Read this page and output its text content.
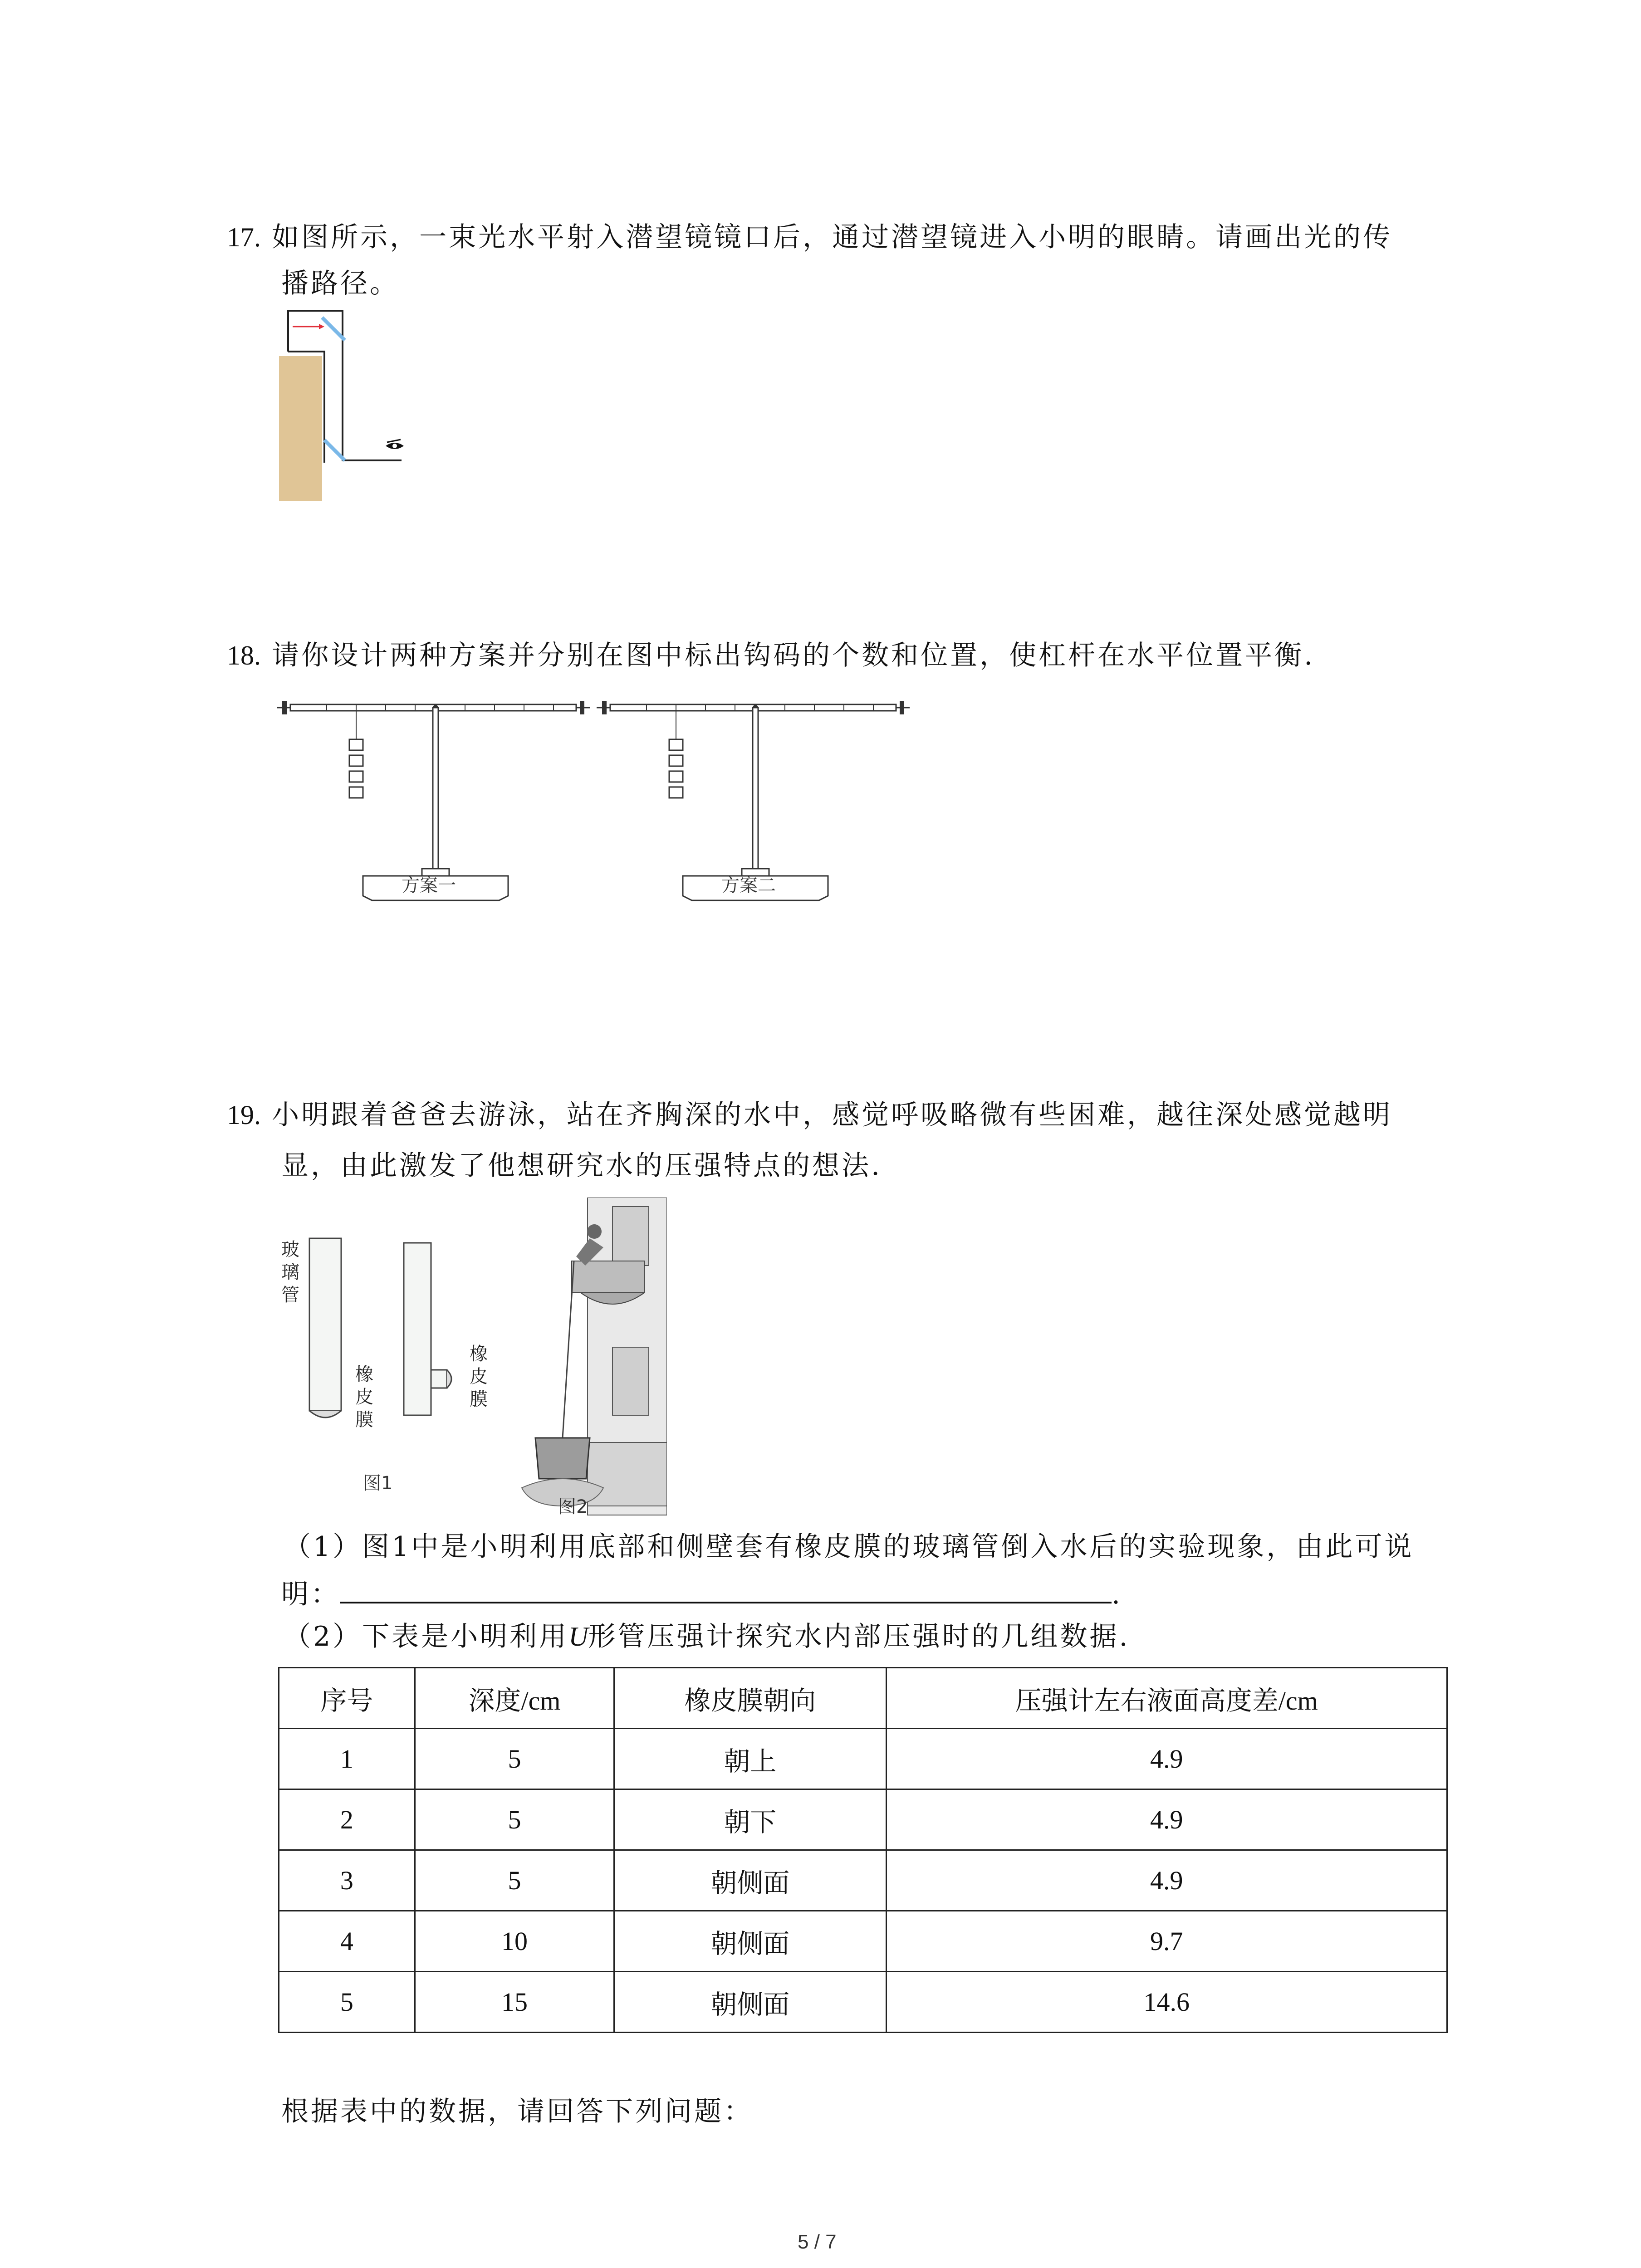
17. 如图所示，一束光水平射入潜望镜镜口后，通过潜望镜进入小明的眼睛。请画出光的传
播路径。
18. 请你设计两种方案并分别在图中标出钩码的个数和位置，使杠杆在水平位置平衡.
方案一	方案二
19. 小明跟着爸爸去游泳，站在齐胸深的水中，感觉呼吸略微有些困难，越往深处感觉越明
显，由此激发了他想研究水的压强特点的想法.
玻
璃
管
橡
皮
膜
橡
皮
膜
图1
图2
（1）图1中是小明利用底部和侧壁套有橡皮膜的玻璃管倒入水后的实验现象，由此可说
明：	.
（2）下表是小明利用U形管压强计探究水内部压强时的几组数据.
序号	深度/cm	橡皮膜朝向	压强计左右液面高度差/cm
1	5	朝上	4.9
2	5	朝下	4.9
3	5	朝侧面	4.9
4	10	朝侧面	9.7
5	15	朝侧面	14.6
根据表中的数据，请回答下列问题：
5 / 7
